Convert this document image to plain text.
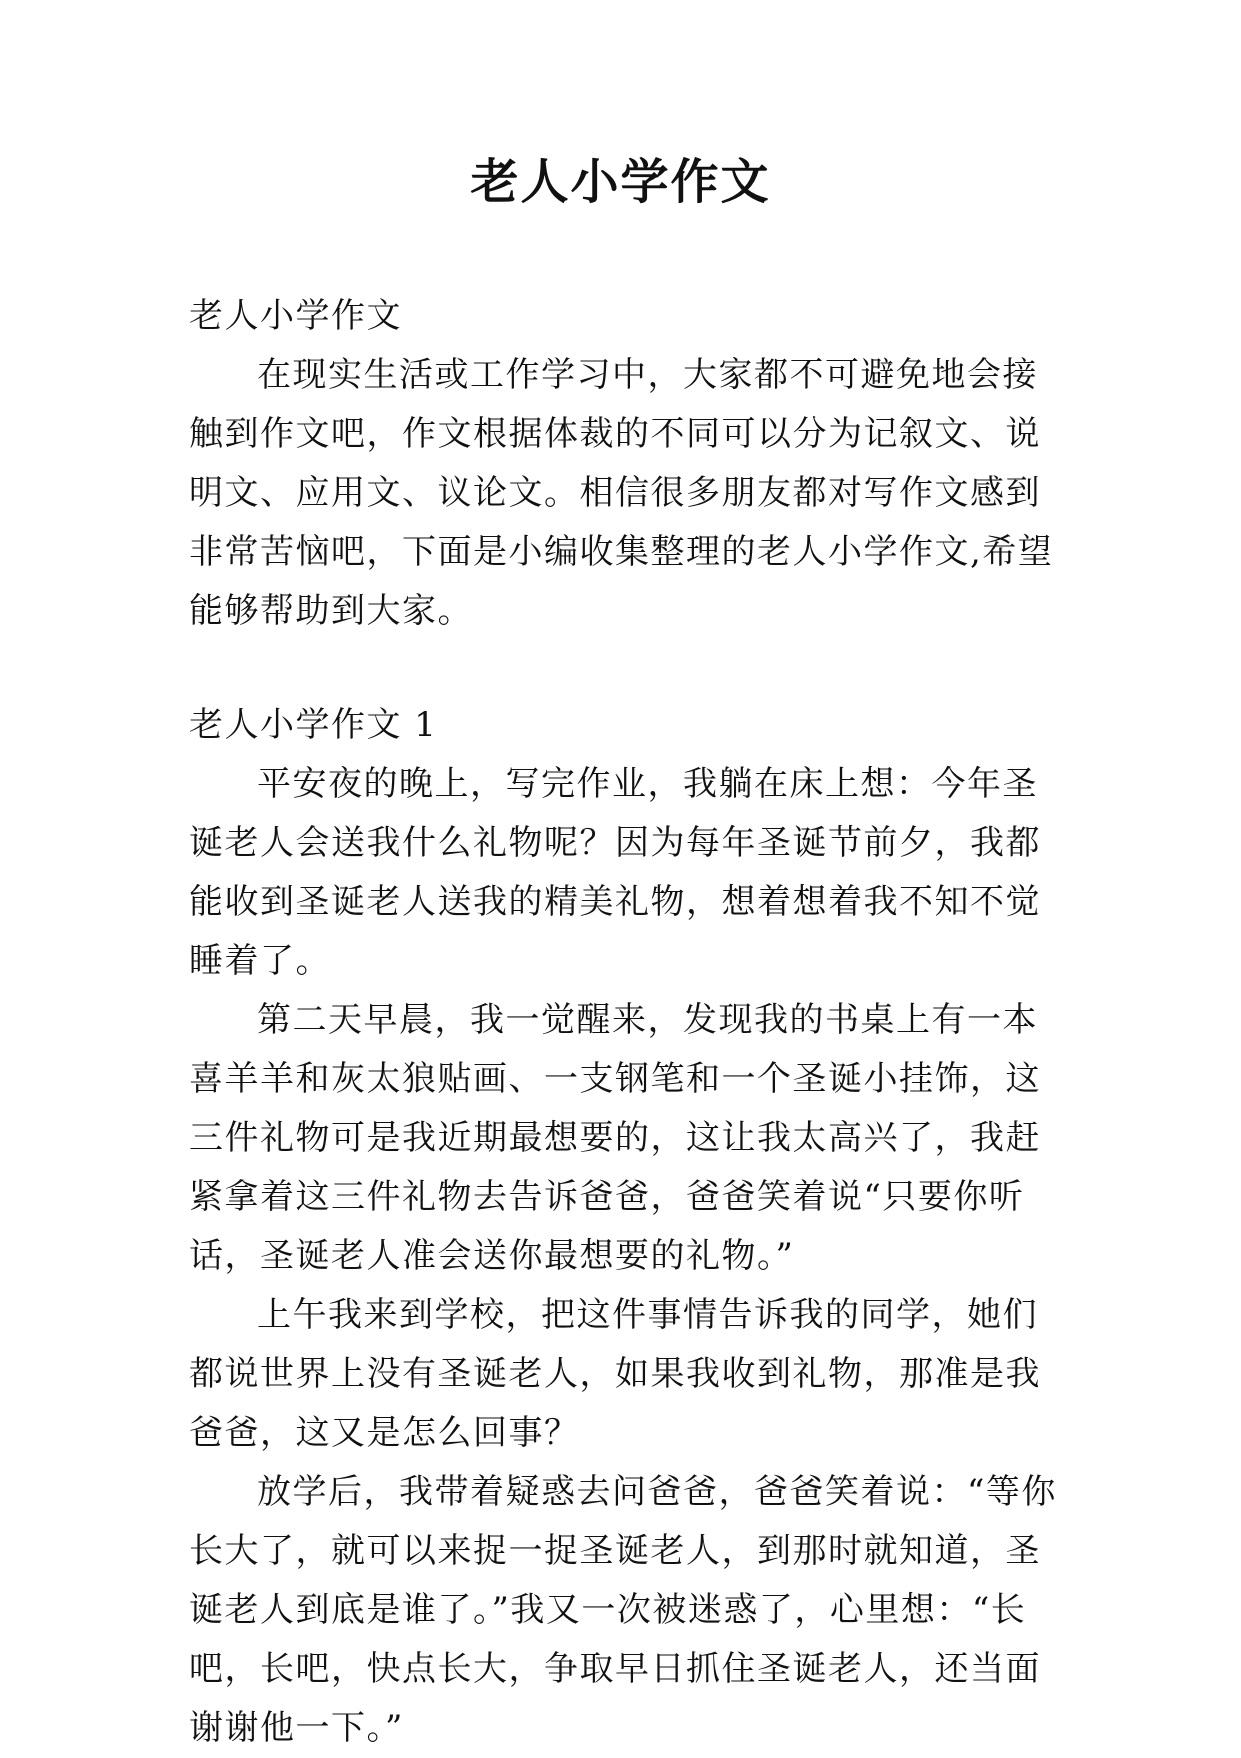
老人小学作文

老人小学作文

在现实生活或工作学习中，大家都不可避免地会接触到作文吧，作文根据体裁的不同可以分为记叙文、说明文、应用文、议论文。相信很多朋友都对写作文感到非常苦恼吧，下面是小编收集整理的老人小学作文,希望能够帮助到大家。

老人小学作文 1

平安夜的晚上，写完作业，我躺在床上想：今年圣诞老人会送我什么礼物呢？因为每年圣诞节前夕，我都能收到圣诞老人送我的精美礼物，想着想着我不知不觉睡着了。

第二天早晨，我一觉醒来，发现我的书桌上有一本喜羊羊和灰太狼贴画、一支钢笔和一个圣诞小挂饰，这三件礼物可是我近期最想要的，这让我太高兴了，我赶紧拿着这三件礼物去告诉爸爸，爸爸笑着说“只要你听话，圣诞老人准会送你最想要的礼物。”

上午我来到学校，把这件事情告诉我的同学，她们都说世界上没有圣诞老人，如果我收到礼物，那准是我爸爸，这又是怎么回事？

放学后，我带着疑惑去问爸爸，爸爸笑着说：“等你长大了，就可以来捉一捉圣诞老人，到那时就知道，圣诞老人到底是谁了。”我又一次被迷惑了，心里想：“长吧，长吧，快点长大，争取早日抓住圣诞老人，还当面谢谢他一下。”
